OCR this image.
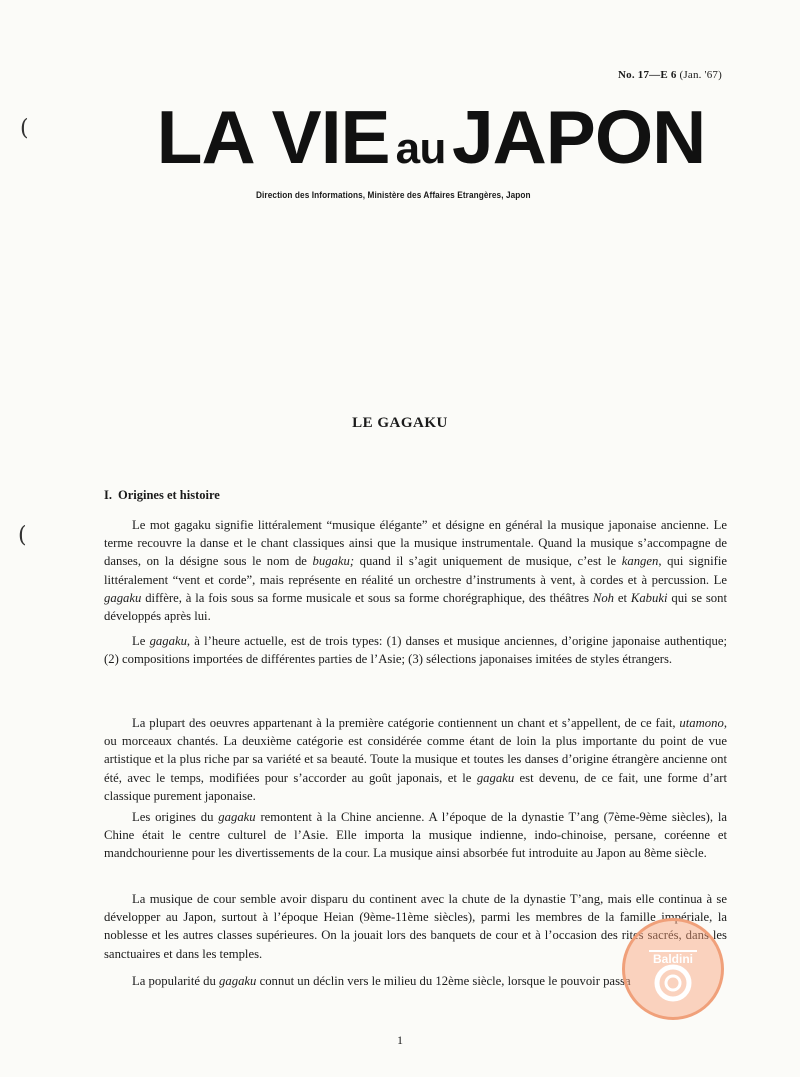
(
(
No. 17—E 6 (Jan. '67)
LA VIE auJAPON
Direction des Informations, Ministère des Affaires Etrangères, Japon
LE GAGAKU
I. Origines et histoire

Le mot gagaku signifie littéralement “musique élégante” et désigne en général la musique japonaise ancienne. Le terme recouvre la danse et le chant classiques ainsi que la musique instrumentale. Quand la musique s’accompagne de danses, on la désigne sous le nom de bugaku; quand il s’agit uniquement de musique, c’est le kangen, qui signifie littéralement “vent et corde”, mais représente en réalité un orchestre d’instruments à vent, à cordes et à percussion. Le gagaku diffère, à la fois sous sa forme musicale et sous sa forme chorégraphique, des théâtres Noh et Kabuki qui se sont développés après lui.

Le gagaku, à l’heure actuelle, est de trois types: (1) danses et musique anciennes, d’origine japonaise authentique; (2) compositions importées de différentes parties de l’Asie; (3) sélections japonaises imitées de styles étrangers.

La plupart des oeuvres appartenant à la première catégorie contiennent un chant et s’appellent, de ce fait, utamono, ou morceaux chantés. La deuxième catégorie est considérée comme étant de loin la plus importante du point de vue artistique et la plus riche par sa variété et sa beauté. Toute la musique et toutes les danses d’origine étrangère ancienne ont été, avec le temps, modifiées pour s’accorder au goût japonais, et le gagaku est devenu, de ce fait, une forme d’art classique purement japonaise.

Les origines du gagaku remontent à la Chine ancienne. A l’époque de la dynastie T’ang (7ème-9ème siècles), la Chine était le centre culturel de l’Asie. Elle importa la musique indienne, indo-chinoise, persane, coréenne et mandchourienne pour les divertissements de la cour. La musique ainsi absorbée fut introduite au Japon au 8ème siècle.

La musique de cour semble avoir disparu du continent avec la chute de la dynastie T’ang, mais elle continua à se développer au Japon, surtout à l’époque Heian (9ème-11ème siècles), parmi les membres de la famille impériale, la noblesse et les autres classes supérieures. On la jouait lors des banquets de cour et à l’occasion des rites sacrés, dans les sanctuaires et dans les temples.

La popularité du gagaku connut un déclin vers le milieu du 12ème siècle, lorsque le pouvoir passa

1
Baldini
